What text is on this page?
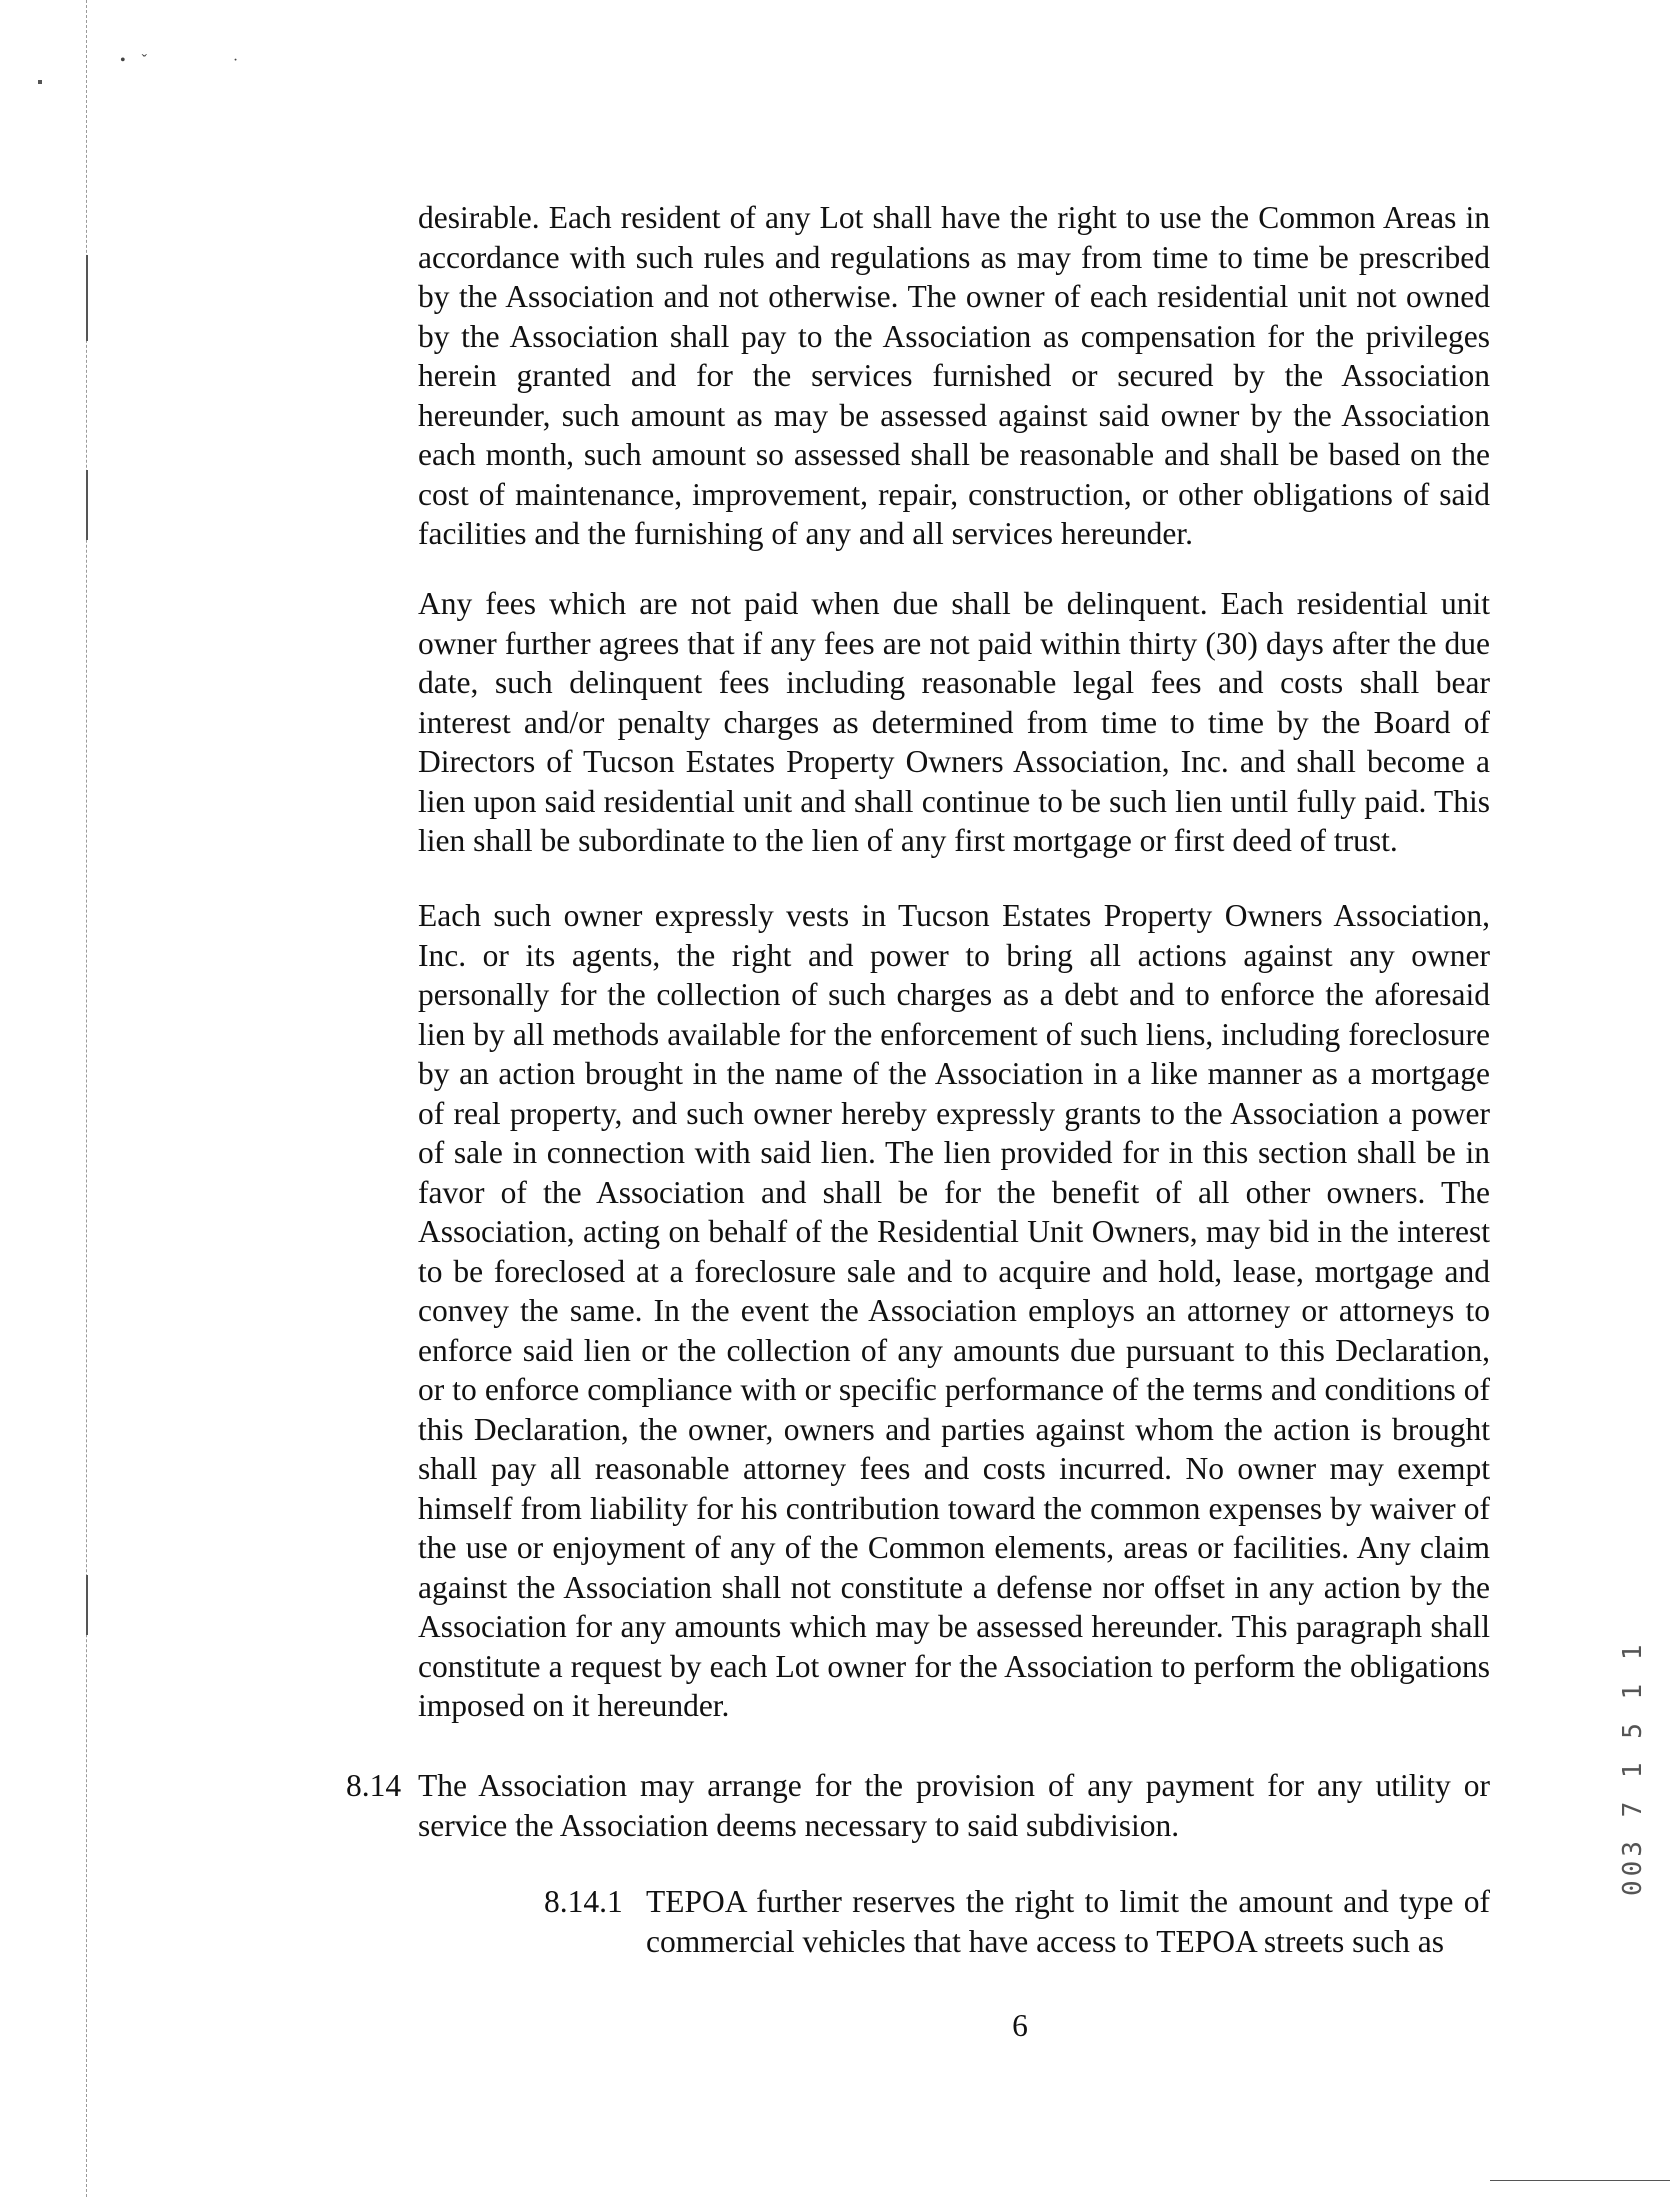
• ˇ        ·

desirable. Each resident of any Lot shall have the right to use the Common Areas in accordance with such rules and regulations as may from time to time be prescribed by the Association and not otherwise. The owner of each residential unit not owned by the Association shall pay to the Association as compensation for the privileges herein granted and for the services furnished or secured by the Association hereunder, such amount as may be assessed against said owner by the Association each month, such amount so assessed shall be reasonable and shall be based on the cost of maintenance, improvement, repair, construction, or other obligations of said facilities and the furnishing of any and all services hereunder.

Any fees which are not paid when due shall be delinquent. Each residential unit owner further agrees that if any fees are not paid within thirty (30) days after the due date, such delinquent fees including reasonable legal fees and costs shall bear interest and/or penalty charges as determined from time to time by the Board of Directors of Tucson Estates Property Owners Association, Inc. and shall become a lien upon said residential unit and shall continue to be such lien until fully paid. This lien shall be subordinate to the lien of any first mortgage or first deed of trust.

Each such owner expressly vests in Tucson Estates Property Owners Association, Inc. or its agents, the right and power to bring all actions against any owner personally for the collection of such charges as a debt and to enforce the aforesaid lien by all methods available for the enforcement of such liens, including foreclosure by an action brought in the name of the Association in a like manner as a mortgage of real property, and such owner hereby expressly grants to the Association a power of sale in connection with said lien. The lien provided for in this section shall be in favor of the Association and shall be for the benefit of all other owners. The Association, acting on behalf of the Residential Unit Owners, may bid in the interest to be foreclosed at a foreclosure sale and to acquire and hold, lease, mortgage and convey the same. In the event the Association employs an attorney or attorneys to enforce said lien or the collection of any amounts due pursuant to this Declaration, or to enforce compliance with or specific performance of the terms and conditions of this Declaration, the owner, owners and parties against whom the action is brought shall pay all reasonable attorney fees and costs incurred. No owner may exempt himself from liability for his contribution toward the common expenses by waiver of the use or enjoyment of any of the Common elements, areas or facilities. Any claim against the Association shall not constitute a defense nor offset in any action by the Association for any amounts which may be assessed hereunder. This paragraph shall constitute a request by each Lot owner for the Association to perform the obligations imposed on it hereunder.

8.14 The Association may arrange for the provision of any payment for any utility or service the Association deems necessary to said subdivision.

8.14.1 TEPOA further reserves the right to limit the amount and type of commercial vehicles that have access to TEPOA streets such as

6
003 7 1 5 1 1
